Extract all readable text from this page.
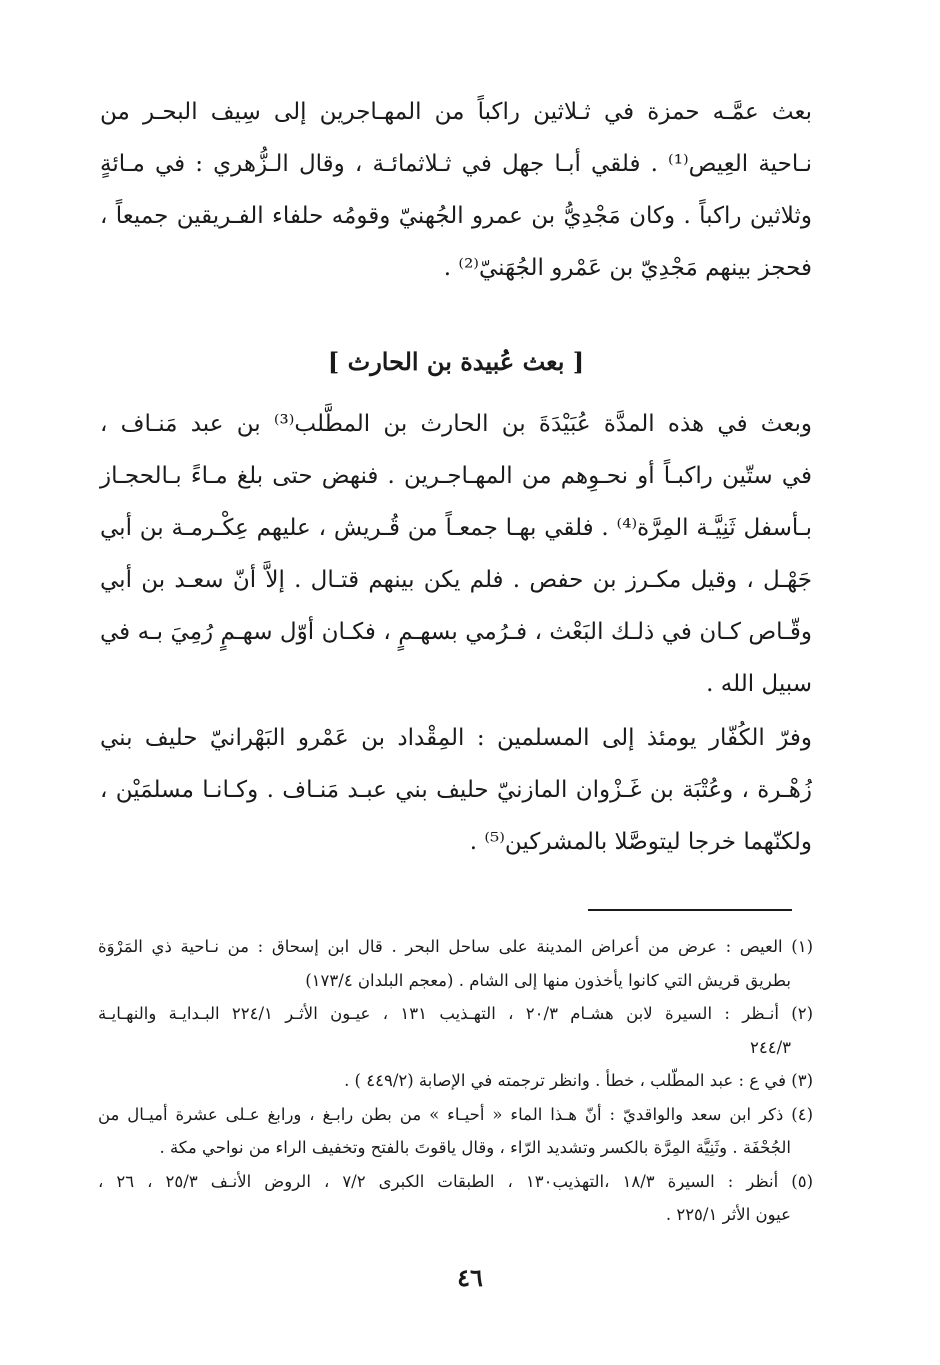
بعث عمَّـه حمزة في ثـلاثين راكباً من المهـاجرين إلى سِيف البحـر من
نـاحية العِيص⁽¹⁾ . فلقي أبـا جهل في ثـلاثمائـة ، وقال الـزُّهري : في مـائةٍ
وثلاثين راكباً . وكان مَجْدِيُّ بن عمرو الجُهنيّ وقومُه حلفاء الفـريقين جميعاً ،
فحجز بينهم مَجْدِيّ بن عَمْرو الجُهَنيّ⁽²⁾ .
[ بعث عُبيدة بن الحارث ]
وبعث في هذه المدَّة عُبَيْدَةَ بن الحارث بن المطَّلب⁽³⁾ بن عبد مَنـاف ،
في ستّين راكبـاً أو نحـوِهم من المهـاجـرين . فنهض حتى بلغ مـاءً بـالحجـاز
بـأسفل ثَنِيَّـة المِرَّة⁽⁴⁾ . فلقي بهـا جمعـاً من قُـريش ، عليهم عِكْـرمـة بن أبي
جَهْـل ، وقيل مكـرز بن حفص . فلم يكن بينهم قتـال . إلاَّ أنّ سعـد بن أبي
وقّـاص كـان في ذلـك البَعْث ، فـرُمي بسهـمٍ ، فكـان أوّل سهـمٍ رُمِيَ بـه في
سبيل الله .
وفرّ الكُفّار يومئذ إلى المسلمين : المِقْداد بن عَمْرو البَهْرانيّ حليف بني
زُهْـرة ، وعُتْبَة بن غَـزْوان المازنيّ حليف بني عبـد مَنـاف . وكـانـا مسلمَيْن ،
ولكنّهما خرجا ليتوصَّلا بالمشركين⁽⁵⁾ .
(١) العيص : عرض من أعراض المدينة على ساحل البحر . قال ابن إسحاق : من نـاحية ذي المَرْوَة
بطريق قريش التي كانوا يأخذون منها إلى الشام . (معجم البلدان ١٧٣/٤)
(٢) أنـظر : السيرة لابن هشـام ٢٠/٣ ، التهـذيب ١٣١ ، عيـون الأثـر ٢٢٤/١ البـدايـة والنهـايـة
٢٤٤/٣
(٣) في ع : عبد المطّلب ، خطأ . وانظر ترجمته في الإصابة (٤٤٩/٢ ) .
(٤) ذكر ابن سعد والواقديّ : أنّ هـذا الماء « أحيـاء » من بطن رابـغ ، ورابغ عـلى عشرة أميـال من
الجُحْفَة . وثَنِيَّة المِرَّة بالكسر وتشديد الرّاء ، وقال ياقوتَ بالفتح وتخفيف الراء من نواحي مكة .
(٥) أنظر : السيرة ١٨/٣ ،التهذيب١٣٠ ، الطبقات الكبرى ٧/٢ ، الروض الأنـف ٢٥/٣ ، ٢٦ ،
عيون الأثر ٢٢٥/١ .
٤٦
